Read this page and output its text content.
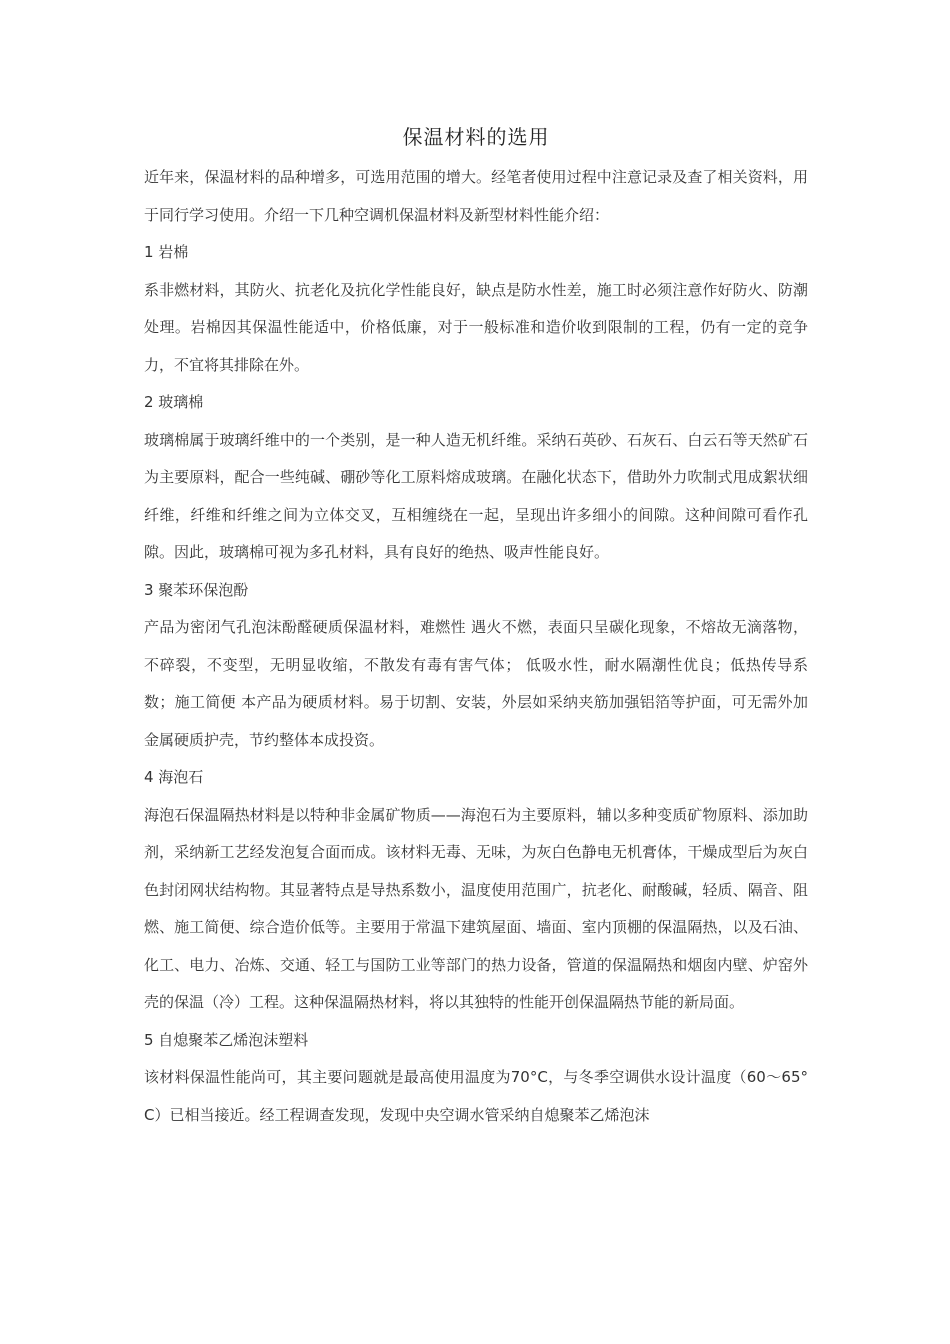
保温材料的选用

近年来，保温材料的品种增多，可选用范围的增大。经笔者使用过程中注意记录及查了相关资料，用于同行学习使用。介绍一下几种空调机保温材料及新型材料性能介绍：

1 岩棉

系非燃材料，其防火、抗老化及抗化学性能良好，缺点是防水性差，施工时必须注意作好防火、防潮处理。岩棉因其保温性能适中，价格低廉，对于一般标准和造价收到限制的工程，仍有一定的竞争力，不宜将其排除在外。

2 玻璃棉

玻璃棉属于玻璃纤维中的一个类别，是一种人造无机纤维。采纳石英砂、石灰石、白云石等天然矿石为主要原料，配合一些纯碱、硼砂等化工原料熔成玻璃。在融化状态下，借助外力吹制式甩成絮状细纤维，纤维和纤维之间为立体交叉，互相缠绕在一起，呈现出许多细小的间隙。这种间隙可看作孔隙。因此，玻璃棉可视为多孔材料，具有良好的绝热、吸声性能良好。

3 聚苯环保泡酚

产品为密闭气孔泡沫酚醛硬质保温材料，难燃性 遇火不燃，表面只呈碳化现象，不熔故无滴落物，不碎裂，不变型，无明显收缩，不散发有毒有害气体； 低吸水性，耐水隔潮性优良；低热传导系数；施工简便 本产品为硬质材料。易于切割、安装，外层如采纳夹筋加强铝箔等护面，可无需外加金属硬质护壳，节约整体本成投资。

4 海泡石

海泡石保温隔热材料是以特种非金属矿物质——海泡石为主要原料，辅以多种变质矿物原料、添加助剂，采纳新工艺经发泡复合面而成。该材料无毒、无味，为灰白色静电无机膏体，干燥成型后为灰白色封闭网状结构物。其显著特点是导热系数小，温度使用范围广，抗老化、耐酸碱，轻质、隔音、阻燃、施工简便、综合造价低等。主要用于常温下建筑屋面、墙面、室内顶棚的保温隔热，以及石油、化工、电力、冶炼、交通、轻工与国防工业等部门的热力设备，管道的保温隔热和烟囱内壁、炉窑外壳的保温（冷）工程。这种保温隔热材料，将以其独特的性能开创保温隔热节能的新局面。

5 自熄聚苯乙烯泡沫塑料

该材料保温性能尚可，其主要问题就是最高使用温度为70°C，与冬季空调供水设计温度（60～65°C）已相当接近。经工程调查发现，发现中央空调水管采纳自熄聚苯乙烯泡沫
